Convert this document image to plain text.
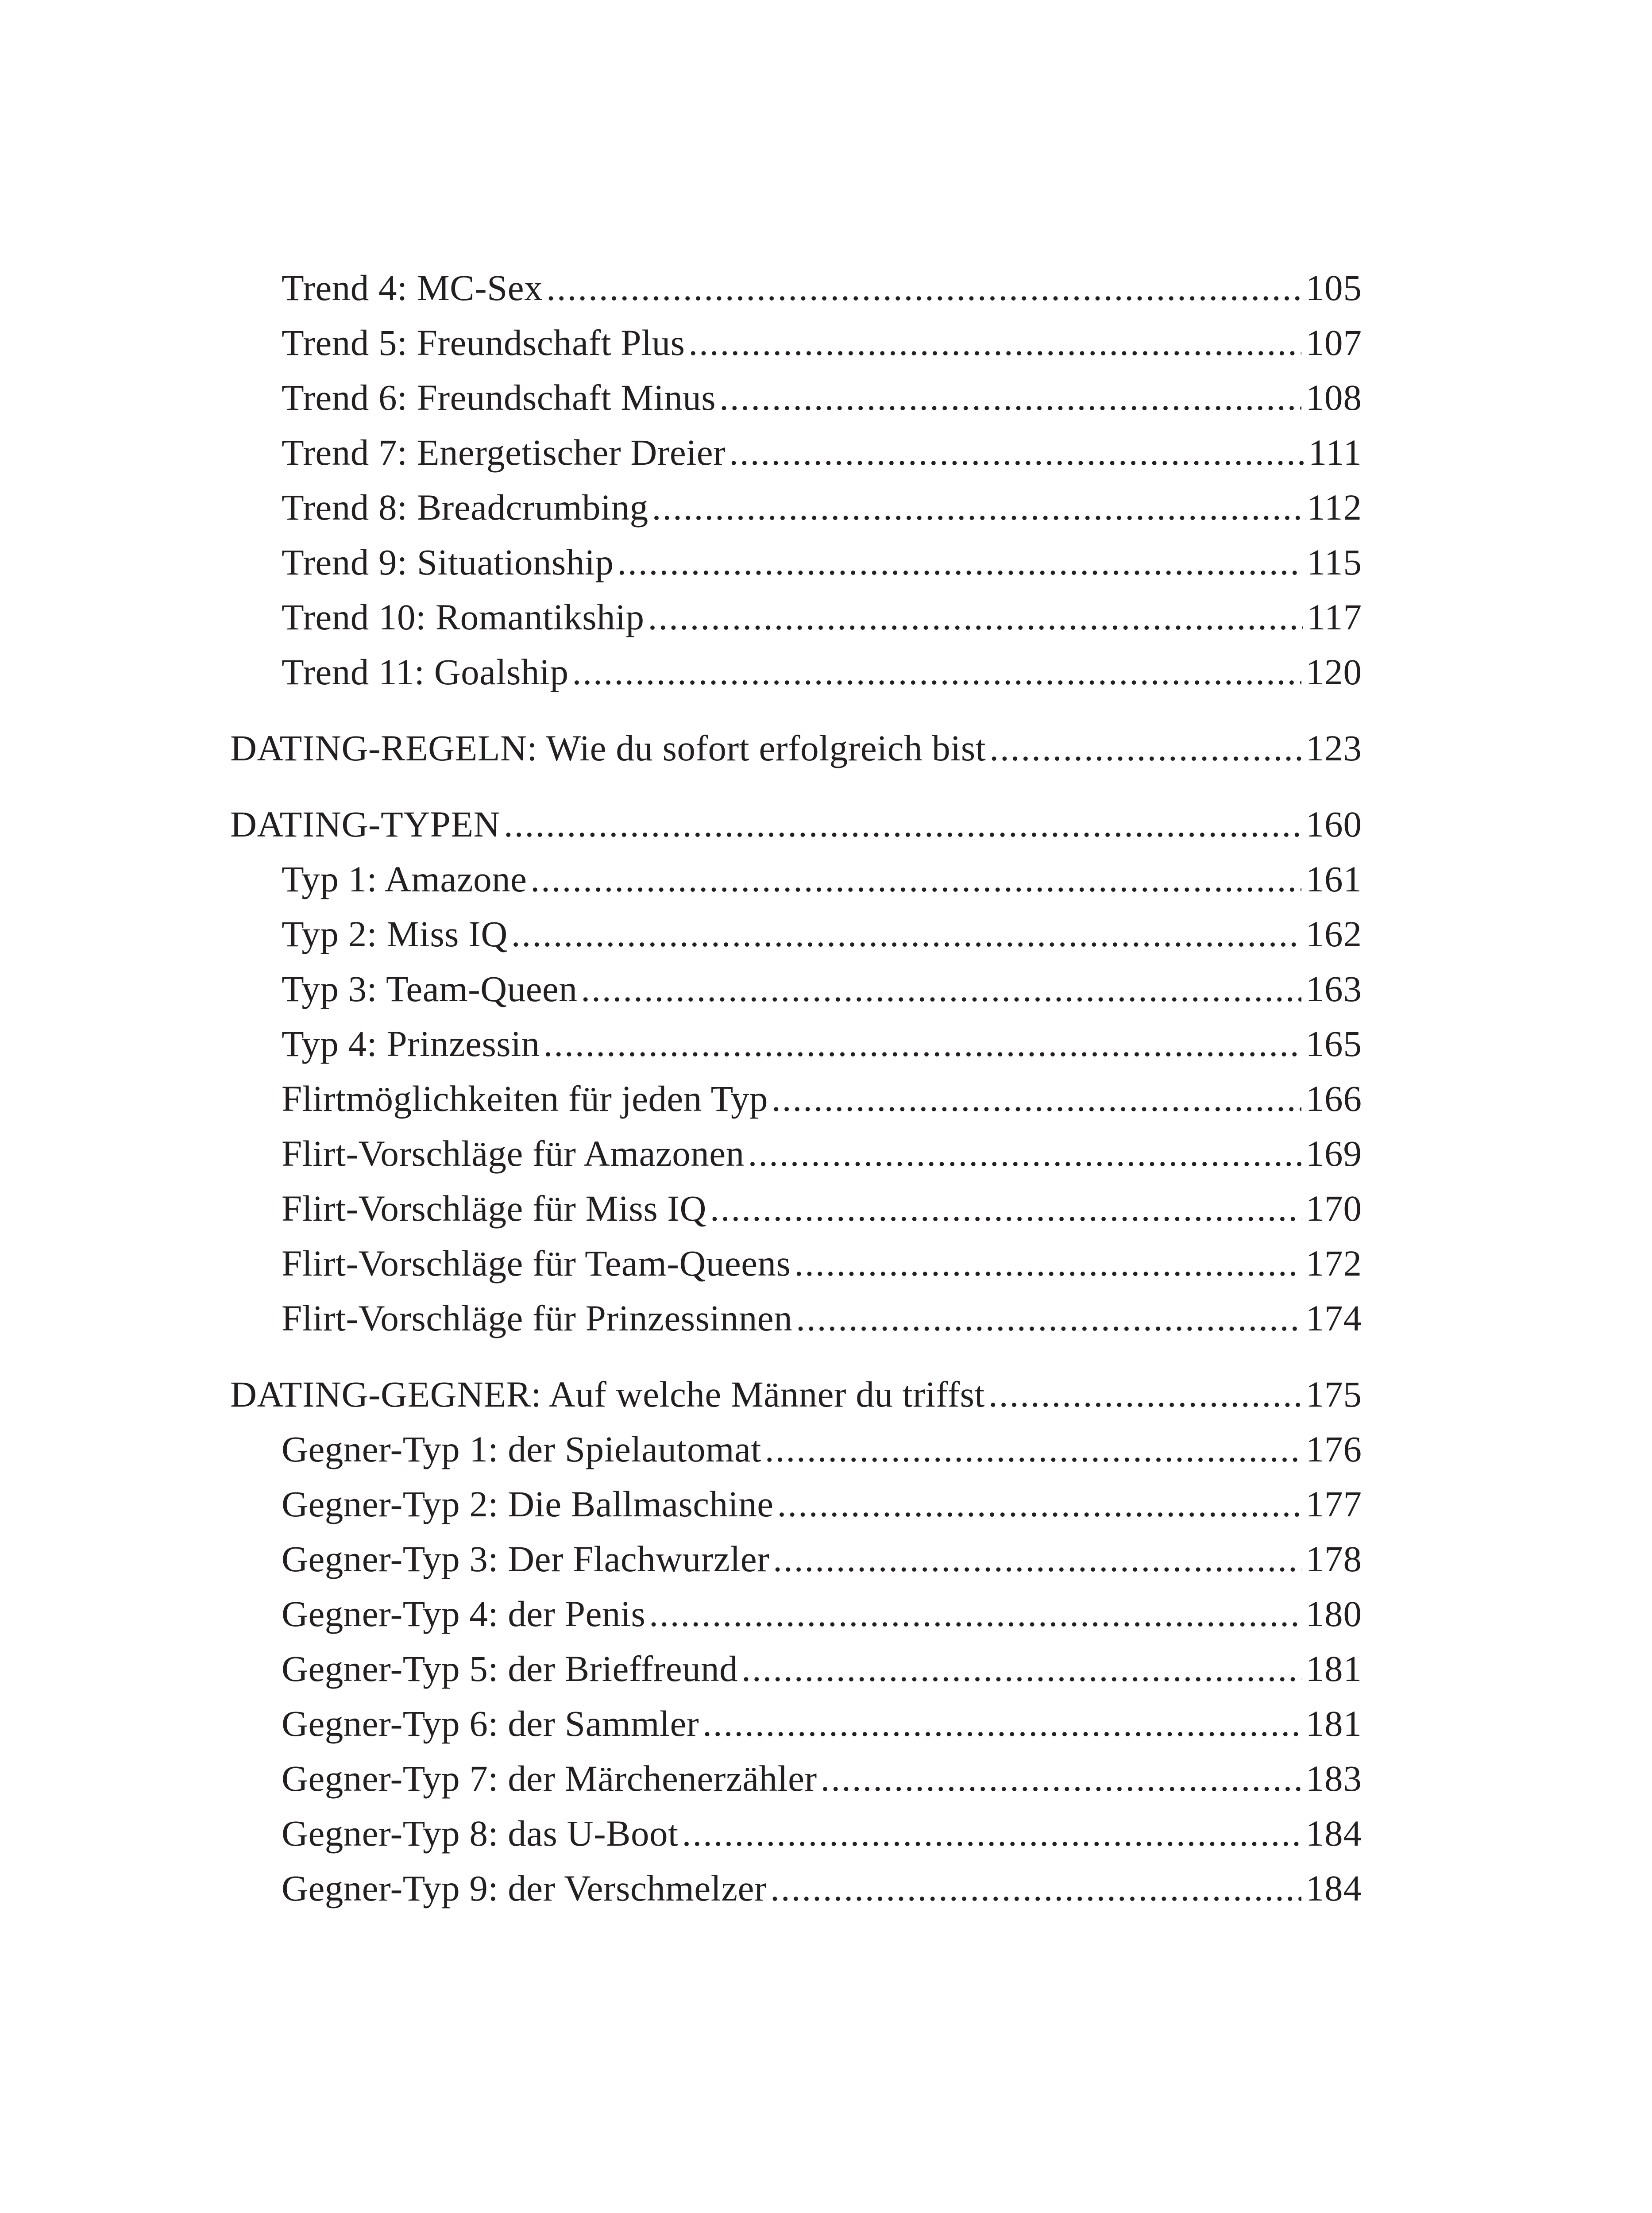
Trend 4: MC-Sex .....	105
Trend 5: Freundschaft Plus .....	107
Trend 6: Freundschaft Minus .....	108
Trend 7: Energetischer Dreier .....	111
Trend 8: Breadcrumbing .....	112
Trend 9: Situationship .....	115
Trend 10: Romantikship .....	117
Trend 11: Goalship .....	120
DATING-REGELN: Wie du sofort erfolgreich bist .....	123
DATING-TYPEN .....	160
Typ 1: Amazone .....	161
Typ 2: Miss IQ .....	162
Typ 3: Team-Queen .....	163
Typ 4: Prinzessin .....	165
Flirtmöglichkeiten für jeden Typ .....	166
Flirt-Vorschläge für Amazonen .....	169
Flirt-Vorschläge für Miss IQ .....	170
Flirt-Vorschläge für Team-Queens .....	172
Flirt-Vorschläge für Prinzessinnen .....	174
DATING-GEGNER: Auf welche Männer du triffst .....	175
Gegner-Typ 1: der Spielautomat .....	176
Gegner-Typ 2: Die Ballmaschine .....	177
Gegner-Typ 3: Der Flachwurzler .....	178
Gegner-Typ 4: der Penis .....	180
Gegner-Typ 5: der Brieffreund .....	181
Gegner-Typ 6: der Sammler .....	181
Gegner-Typ 7: der Märchenerzähler .....	183
Gegner-Typ 8: das U-Boot .....	184
Gegner-Typ 9: der Verschmelzer .....	184
